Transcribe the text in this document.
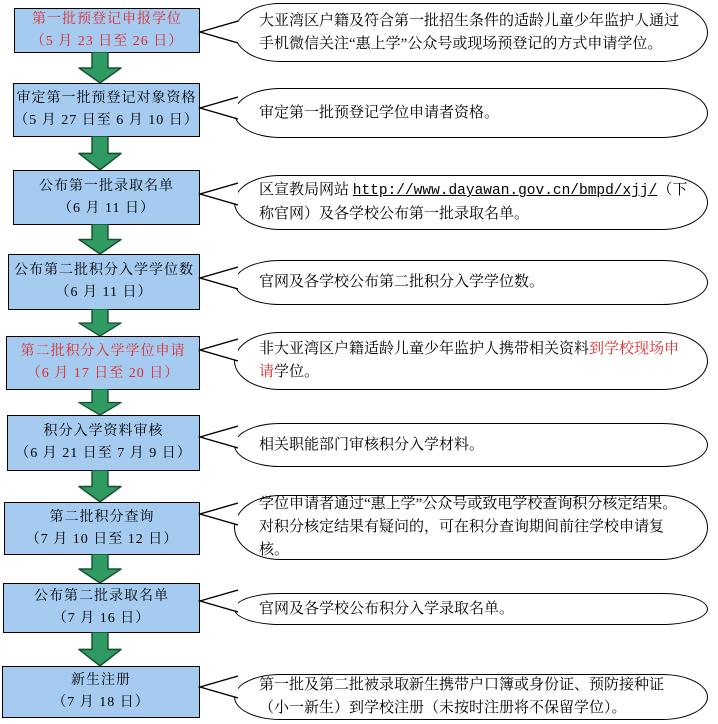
第一批预登记申报学位
（5 月 23 日至 26 日）
大亚湾区户籍及符合第一批招生条件的适龄儿童少年监护人通过手机微信关注“惠上学”公众号或现场预登记的方式申请学位。
审定第一批预登记对象资格
（5 月 27 日至 6 月 10 日）	审定第一批预登记学位申请者资格。
公布第一批录取名单
（6 月 11 日）
区宣教局网站 http://www.dayawan.gov.cn/bmpd/xjj/（下称官网）及各学校公布第一批录取名单。
公布第二批积分入学学位数
（6 月 11 日）
官网及各学校公布第二批积分入学学位数。
第二批积分入学学位申请
（6 月 17 日至 20 日）
非大亚湾区户籍适龄儿童少年监护人携带相关资料到学校现场申请学位。
积分入学资料审核
（6 月 21 日至 7 月 9 日）
相关职能部门审核积分入学材料。
第二批积分查询
（7 月 10 日至 12 日）
学位申请者通过“惠上学”公众号或致电学校查询积分核定结果。对积分核定结果有疑问的，可在积分查询期间前往学校申请复核。
公布第二批录取名单
（7 月 16 日）
官网及各学校公布积分入学录取名单。
新生注册
（7 月 18 日）
第一批及第二批被录取新生携带户口簿或身份证、预防接种证（小一新生）到学校注册（未按时注册将不保留学位）。
